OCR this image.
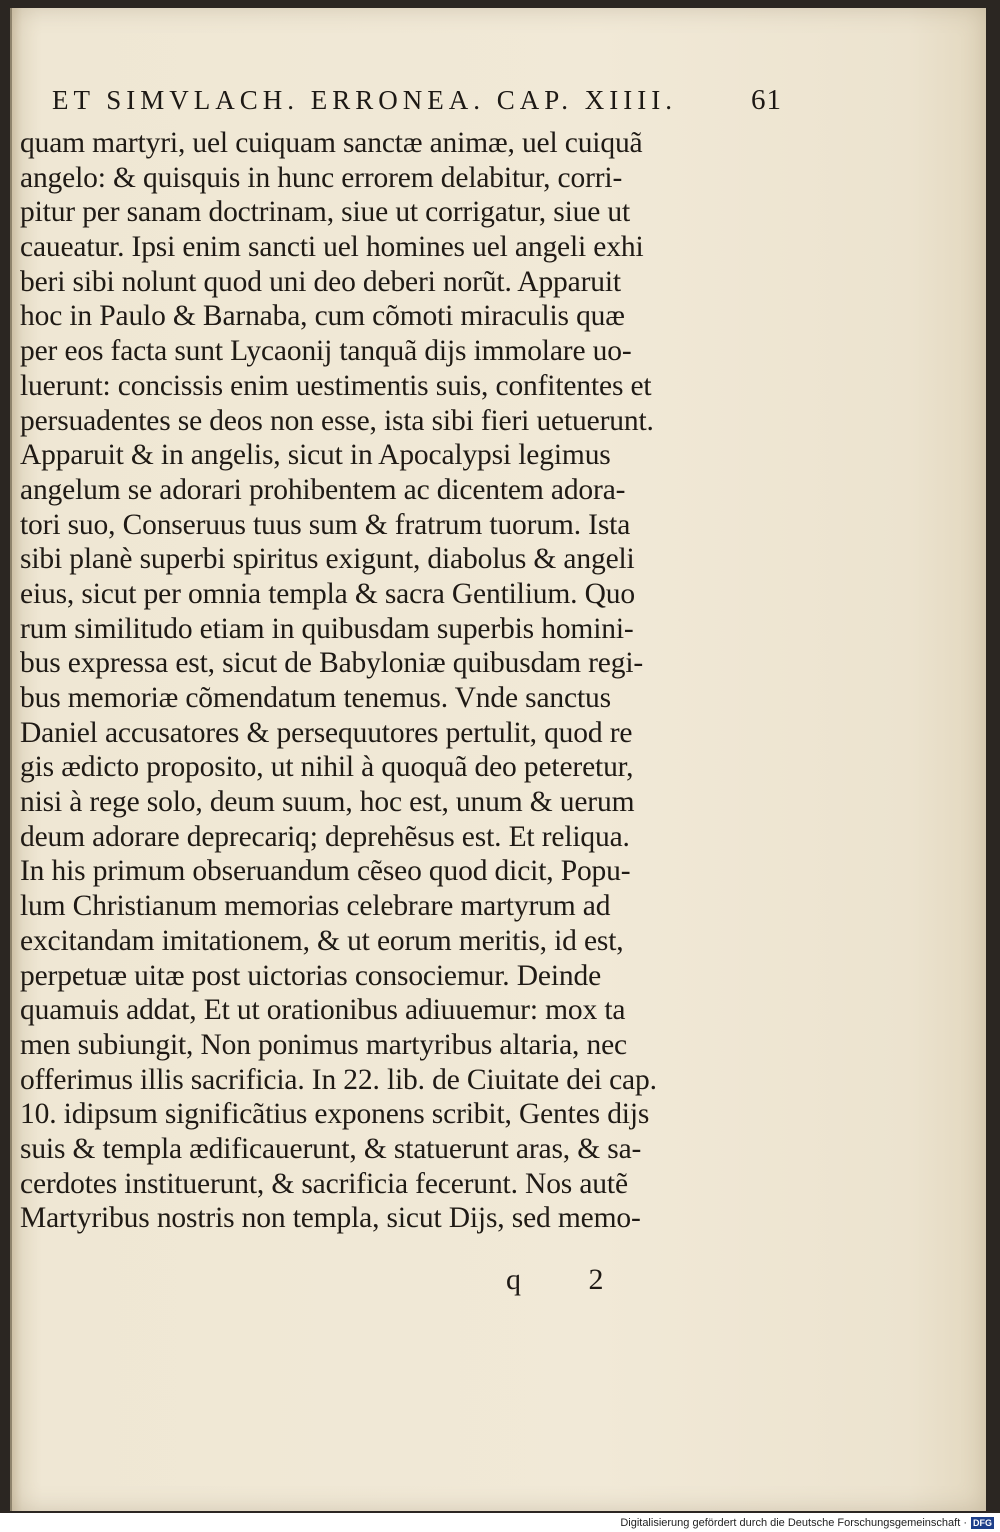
ET SIMVLACH. ERRONEA. CAP. XIIII.	61
quam martyri, uel cuiquam sanctæ animæ, uel cuiquã
angelo: & quisquis in hunc errorem delabitur, corri-
pitur per sanam doctrinam, siue ut corrigatur, siue ut
caueatur. Ipsi enim sancti uel homines uel angeli exhi
beri sibi nolunt quod uni deo deberi norũt. Apparuit
hoc in Paulo & Barnaba, cum cõmoti miraculis quæ
per eos facta sunt Lycaonij tanquã dijs immolare uo-
luerunt: concissis enim uestimentis suis, confitentes et
persuadentes se deos non esse, ista sibi fieri uetuerunt.
Apparuit & in angelis, sicut in Apocalypsi legimus
angelum se adorari prohibentem ac dicentem adora-
tori suo, Conseruus tuus sum & fratrum tuorum. Ista
sibi planè superbi spiritus exigunt, diabolus & angeli
eius, sicut per omnia templa & sacra Gentilium. Quo
rum similitudo etiam in quibusdam superbis homini-
bus expressa est, sicut de Babyloniæ quibusdam regi-
bus memoriæ cõmendatum tenemus. Vnde sanctus
Daniel accusatores & persequutores pertulit, quod re
gis ædicto proposito, ut nihil à quoquã deo peteretur,
nisi à rege solo, deum suum, hoc est, unum & uerum
deum adorare deprecariq; deprehẽsus est. Et reliqua.
In his primum obseruandum cẽseo quod dicit, Popu-
lum Christianum memorias celebrare martyrum ad
excitandam imitationem, & ut eorum meritis, id est,
perpetuæ uitæ post uictorias consociemur. Deinde
quamuis addat, Et ut orationibus adiuuemur: mox ta
men subiungit, Non ponimus martyribus altaria, nec
offerimus illis sacrificia. In 22. lib. de Ciuitate dei cap.
10. idipsum significãtius exponens scribit, Gentes dijs
suis & templa ædificauerunt, & statuerunt aras, & sa-
cerdotes instituerunt, & sacrificia fecerunt. Nos autẽ
Martyribus nostris non templa, sicut Dijs, sed memo-
q 2
Digitalisierung gefördert durch die Deutsche Forschungsgemeinschaft · DFG
